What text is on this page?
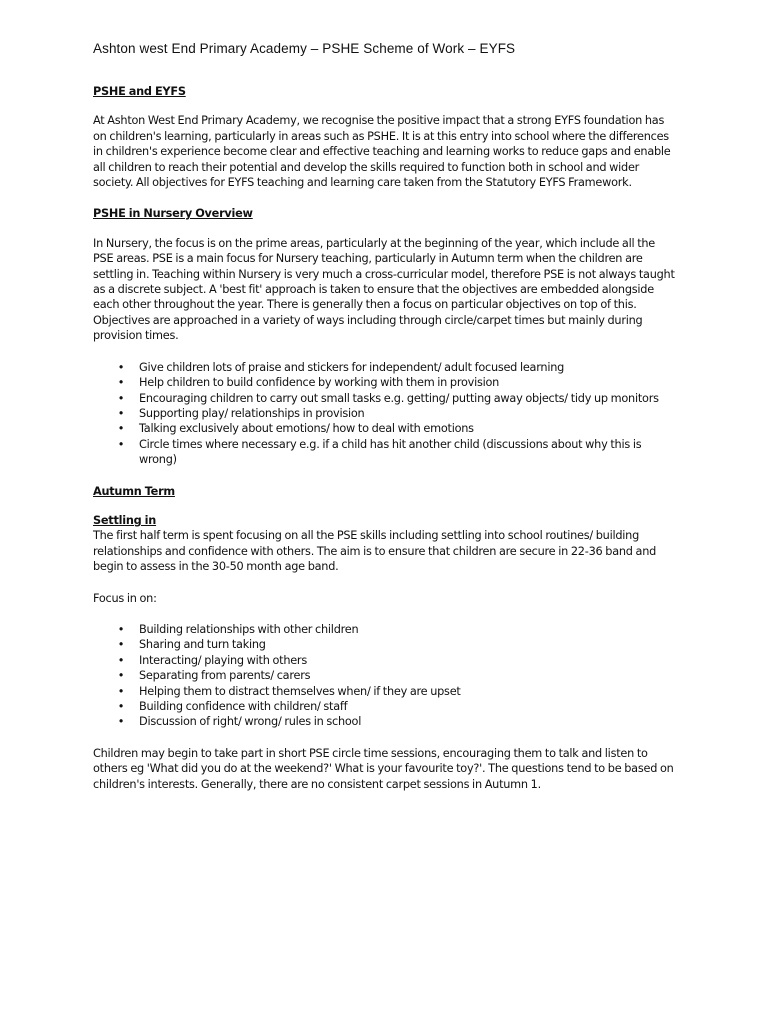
Ashton west End Primary Academy – PSHE Scheme of Work – EYFS
PSHE and EYFS
At Ashton West End Primary Academy, we recognise the positive impact that a strong EYFS foundation has on children's learning, particularly in areas such as PSHE. It is at this entry into school where the differences in children's experience become clear and effective teaching and learning works to reduce gaps and enable all children to reach their potential and develop the skills required to function both in school and wider society. All objectives for EYFS teaching and learning care taken from the Statutory EYFS Framework.
PSHE in Nursery Overview
In Nursery, the focus is on the prime areas, particularly at the beginning of the year, which include all the PSE areas. PSE is a main focus for Nursery teaching, particularly in Autumn term when the children are settling in. Teaching within Nursery is very much a cross-curricular model, therefore PSE is not always taught as a discrete subject. A 'best fit' approach is taken to ensure that the objectives are embedded alongside each other throughout the year. There is generally then a focus on particular objectives on top of this. Objectives are approached in a variety of ways including through circle/carpet times but mainly during provision times.
• Give children lots of praise and stickers for independent/ adult focused learning
• Help children to build confidence by working with them in provision
• Encouraging children to carry out small tasks e.g. getting/ putting away objects/ tidy up monitors
• Supporting play/ relationships in provision
• Talking exclusively about emotions/ how to deal with emotions
• Circle times where necessary e.g. if a child has hit another child (discussions about why this is wrong)
Autumn Term
Settling in
The first half term is spent focusing on all the PSE skills including settling into school routines/ building relationships and confidence with others. The aim is to ensure that children are secure in 22-36 band and begin to assess in the 30-50 month age band.
Focus in on:
• Building relationships with other children
• Sharing and turn taking
• Interacting/ playing with others
• Separating from parents/ carers
• Helping them to distract themselves when/ if they are upset
• Building confidence with children/ staff
• Discussion of right/ wrong/ rules in school
Children may begin to take part in short PSE circle time sessions, encouraging them to talk and listen to others eg 'What did you do at the weekend?' What is your favourite toy?'. The questions tend to be based on children's interests. Generally, there are no consistent carpet sessions in Autumn 1.
